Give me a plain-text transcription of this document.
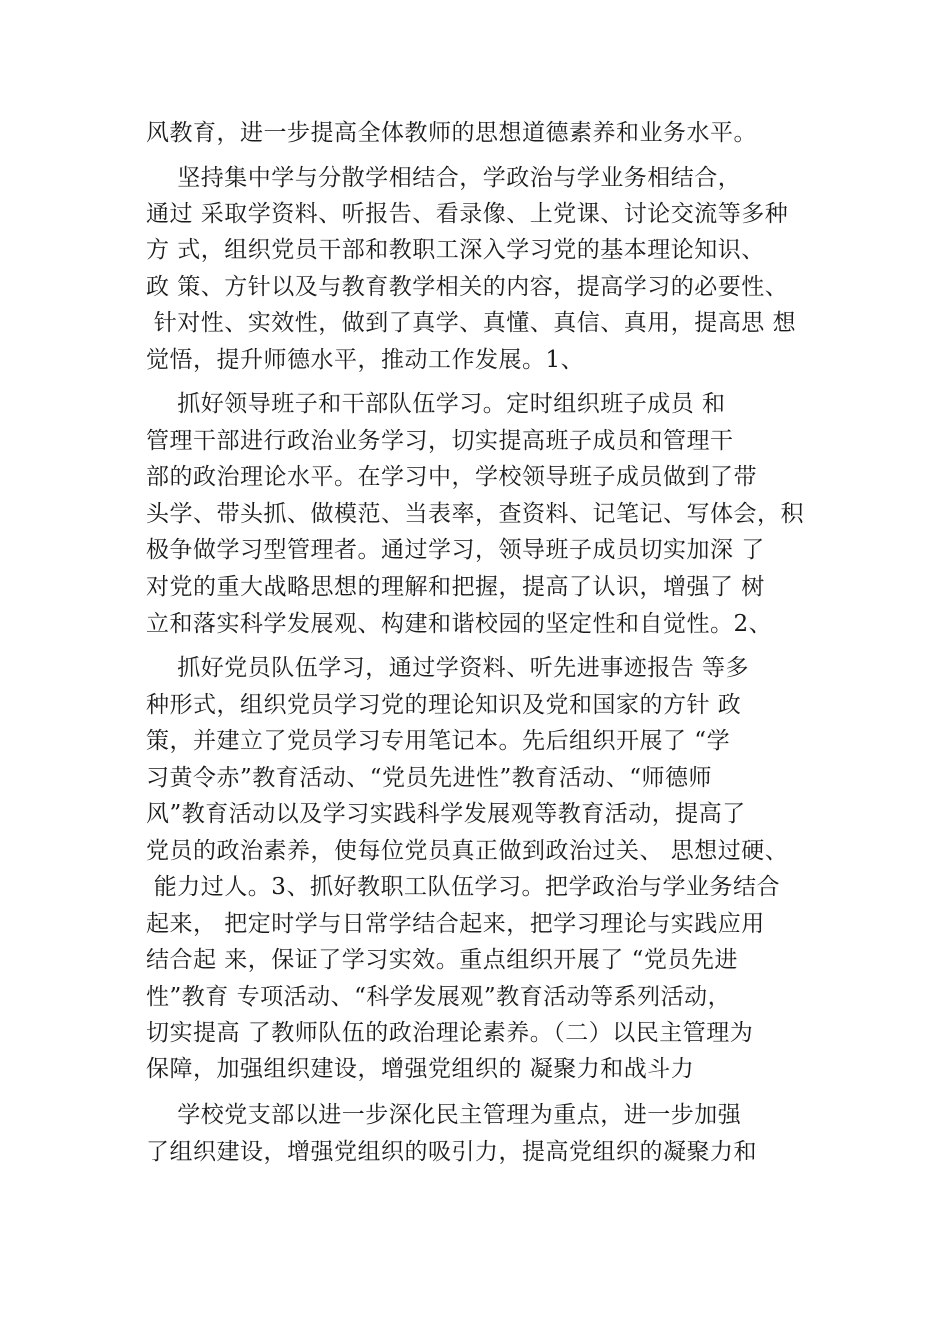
风教育，进一步提高全体教师的思想道德素养和业务水平。
坚持集中学与分散学相结合，学政治与学业务相结合，
通过 采取学资料、听报告、看录像、上党课、讨论交流等多种
方 式，组织党员干部和教职工深入学习党的基本理论知识、
政 策、方针以及与教育教学相关的内容，提高学习的必要性、
针对性、实效性，做到了真学、真懂、真信、真用，提高思 想
觉悟，提升师德水平，推动工作发展。1、
抓好领导班子和干部队伍学习。定时组织班子成员 和
管理干部进行政治业务学习，切实提高班子成员和管理干
部的政治理论水平。在学习中，学校领导班子成员做到了带
头学、带头抓、做模范、当表率，查资料、记笔记、写体会，积
极争做学习型管理者。通过学习，领导班子成员切实加深 了
对党的重大战略思想的理解和把握，提高了认识，增强了 树
立和落实科学发展观、构建和谐校园的坚定性和自觉性。2、
抓好党员队伍学习，通过学资料、听先进事迹报告 等多
种形式，组织党员学习党的理论知识及党和国家的方针 政
策，并建立了党员学习专用笔记本。先后组织开展了 “学
习黄令赤”教育活动、“党员先进性”教育活动、“师德师
风”教育活动以及学习实践科学发展观等教育活动，提高了
党员的政治素养，使每位党员真正做到政治过关、 思想过硬、
能力过人。3、抓好教职工队伍学习。把学政治与学业务结合
起来， 把定时学与日常学结合起来，把学习理论与实践应用
结合起 来，保证了学习实效。重点组织开展了 “党员先进
性”教育 专项活动、“科学发展观”教育活动等系列活动，
切实提高 了教师队伍的政治理论素养。（二）以民主管理为
保障，加强组织建设，增强党组织的 凝聚力和战斗力
学校党支部以进一步深化民主管理为重点，进一步加强
了组织建设，增强党组织的吸引力，提高党组织的凝聚力和
